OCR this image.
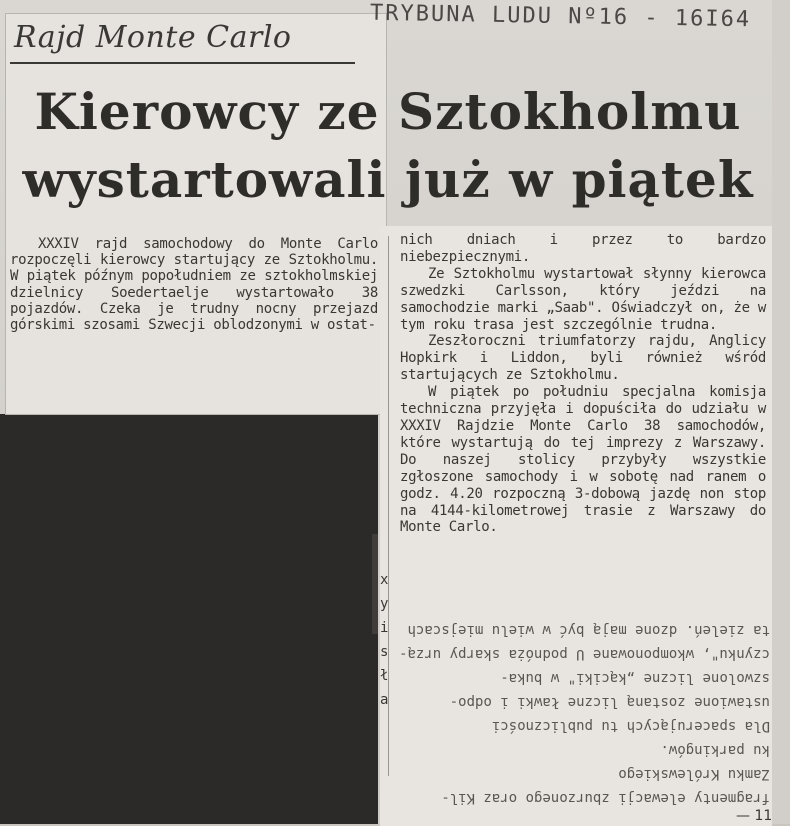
Rajd Monte Carlo
TRYBUNA LUDU Nº16 - 16I64
Kierowcy ze Sztokholmu
wystartowali już w piątek

XXXIV rajd samochodowy do Monte Carlo rozpoczęli kierowcy startujący ze Sztokholmu. W piątek późnym popołudniem ze sztokholmskiej dzielnicy Soedertaelje wystartowało 38 pojazdów. Czeka je trudny nocny przejazd górskimi szosami Szwecji oblodzonymi w ostat-

nich dniach i przez to bardzo niebezpiecznymi.

Ze Sztokholmu wystartował słynny kierowca szwedzki Carlsson, który jeździ na samochodzie marki „Saab". Oświadczył on, że w tym roku trasa jest szczególnie trudna.

Zeszłoroczni triumfatorzy rajdu, Anglicy Hopkirk i Liddon, byli również wśród startujących ze Sztokholmu.

W piątek po południu specjalna komisja techniczna przyjęła i dopuściła do udziału w XXXIV Rajdzie Monte Carlo 38 samochodów, które wystartują do tej imprezy z Warszawy. Do naszej stolicy przybyły wszystkie zgłoszone samochody i w sobotę nad ranem o godz. 4.20 rozpoczną 3-dobową jazdę non stop na 4144-kilometrowej trasie z Warszawy do Monte Carlo.

x
y
i
s
ł
a

fragmenty elewacji zburzonego oraz Kil-

Zamku Królewskiego

ku parkingów.

Dla spacerujących tu publiczności

ustawione zostaną liczne ławki i odpo-

szwolone liczne „kąciki" w buka-

czynku", wkomponowane U podnóża skarpy urzą-

ta zieleń. dzone mają być w wielu miejscach

— 11
